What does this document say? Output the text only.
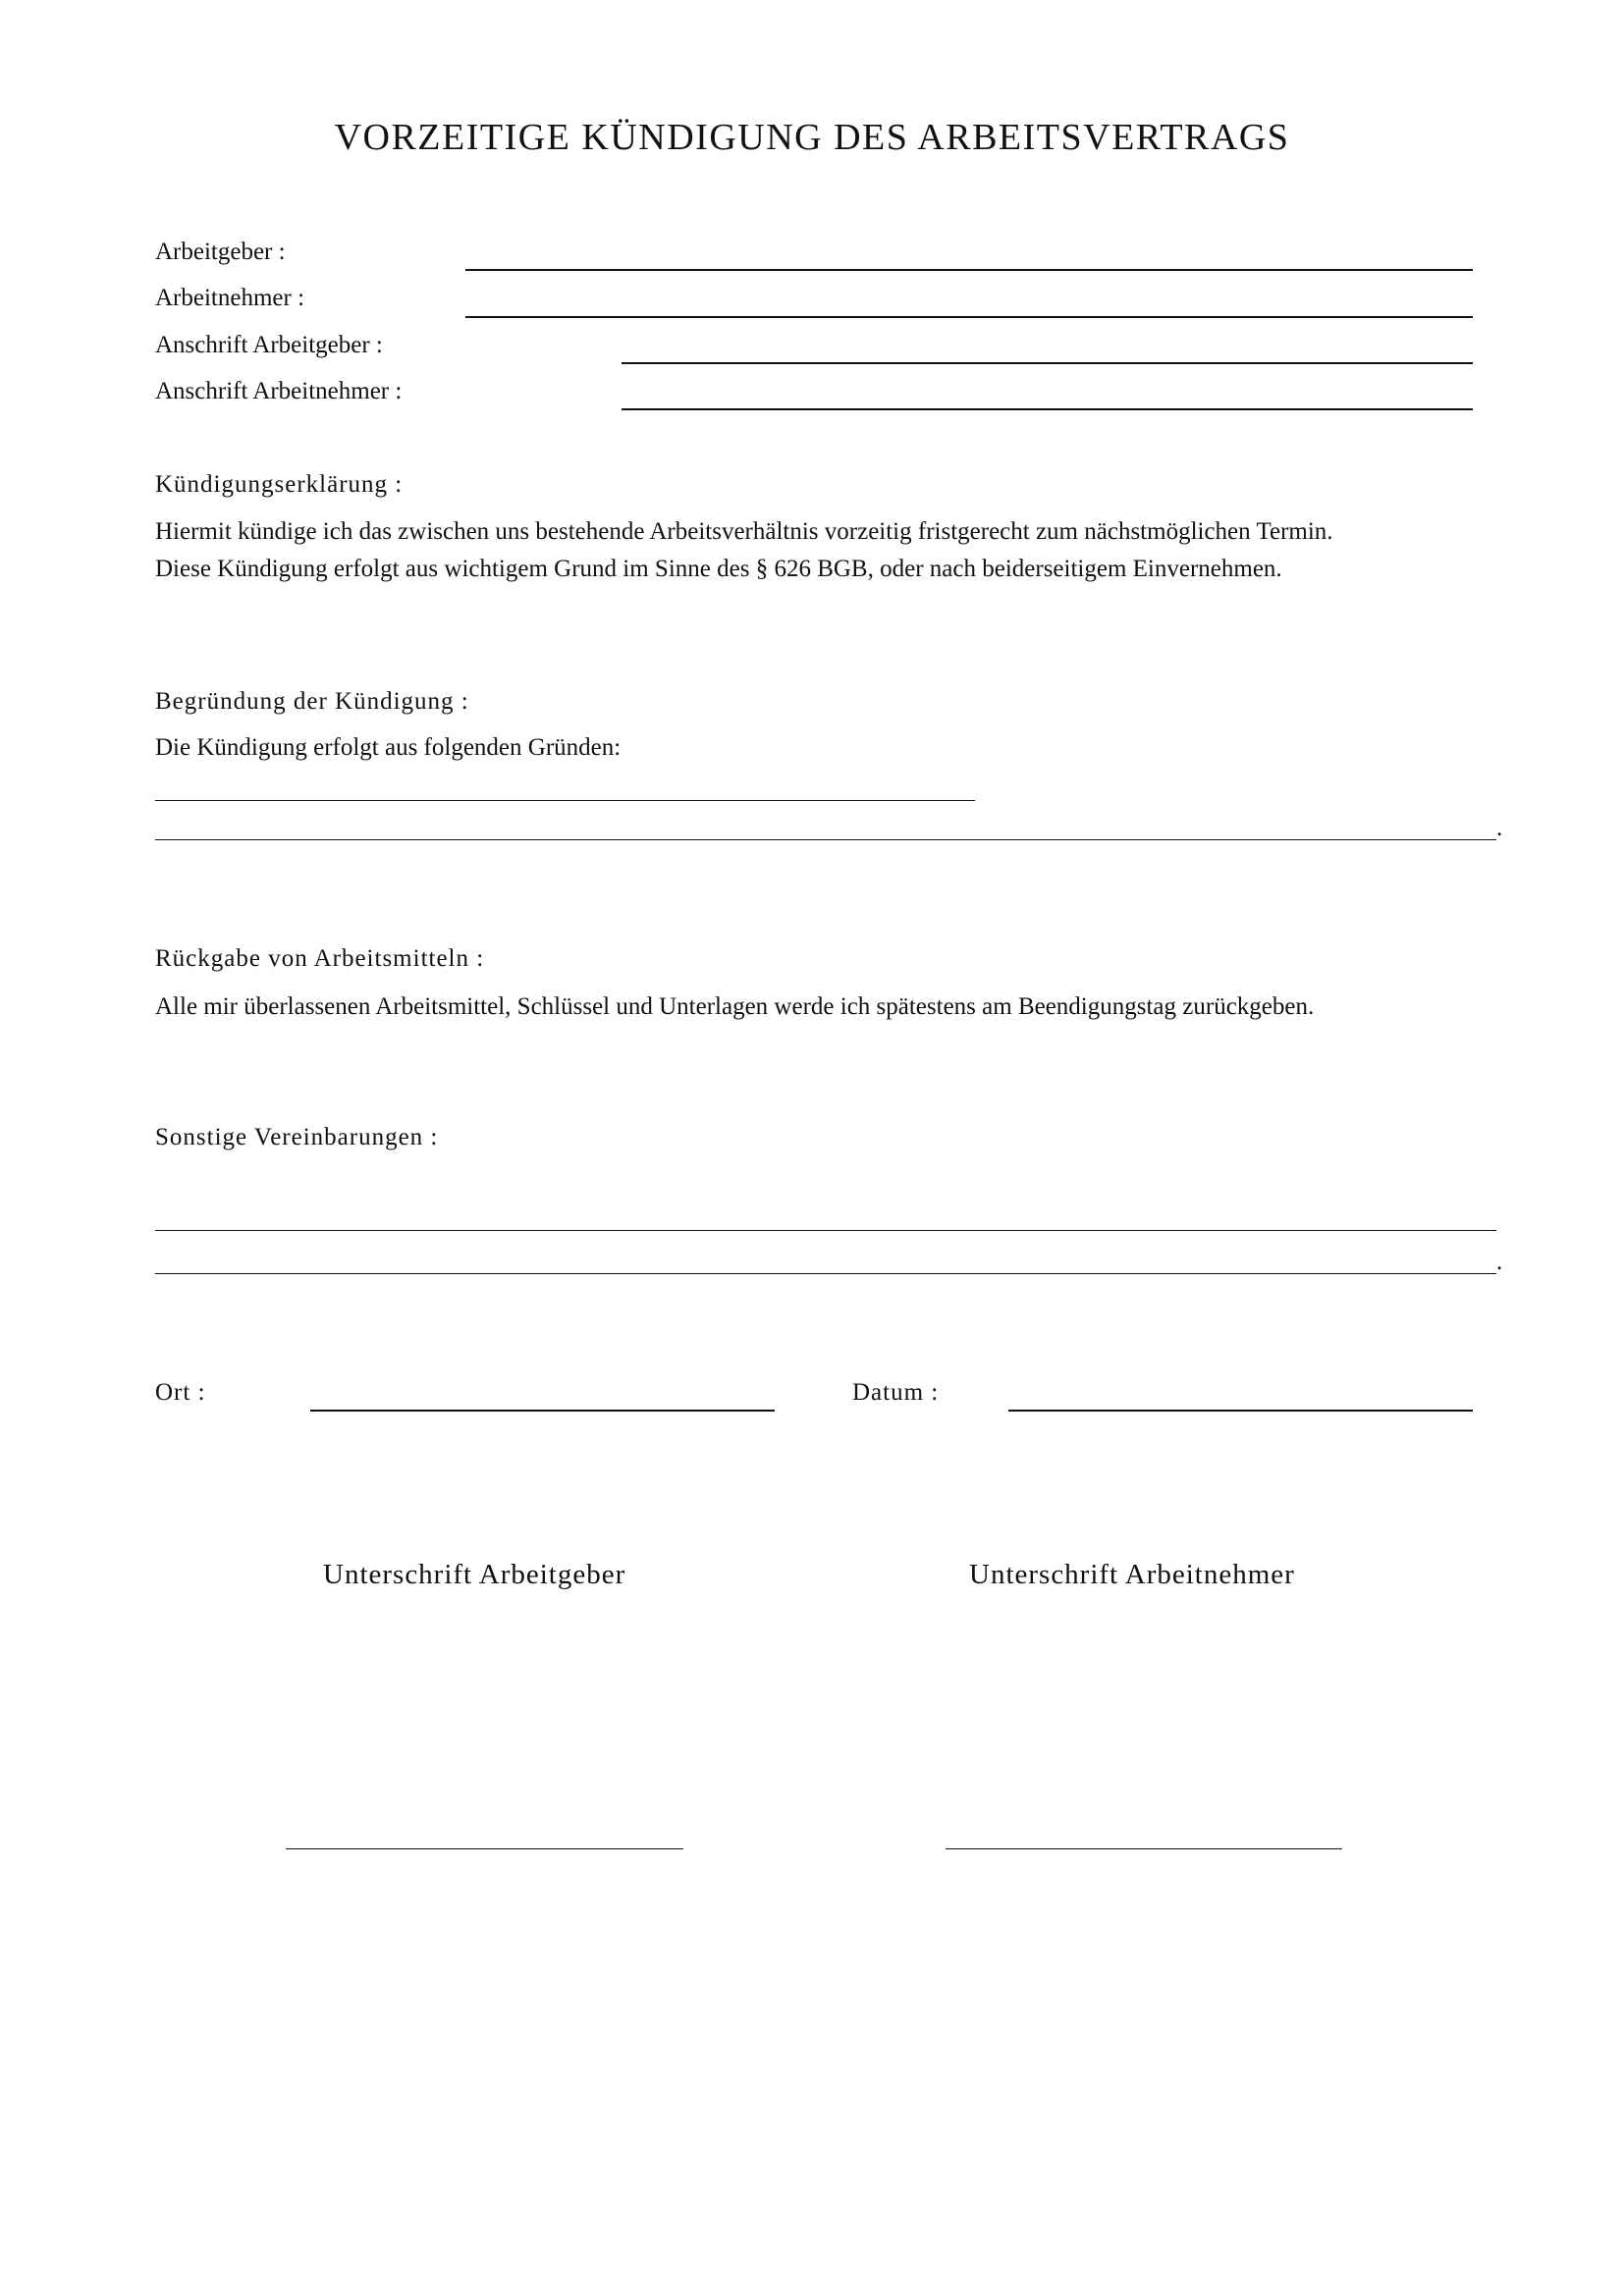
VORZEITIGE KÜNDIGUNG DES ARBEITSVERTRAGS
Arbeitgeber :
Arbeitnehmer :
Anschrift Arbeitgeber :
Anschrift Arbeitnehmer :
Kündigungserklärung :
Hiermit kündige ich das zwischen uns bestehende Arbeitsverhältnis vorzeitig fristgerecht zum nächstmöglichen Termin.
Diese Kündigung erfolgt aus wichtigem Grund im Sinne des § 626 BGB, oder nach beiderseitigem Einvernehmen.
Begründung der Kündigung :
Die Kündigung erfolgt aus folgenden Gründen:
.
Rückgabe von Arbeitsmitteln :
Alle mir überlassenen Arbeitsmittel, Schlüssel und Unterlagen werde ich spätestens am Beendigungstag zurückgeben.
Sonstige Vereinbarungen :
.
Ort :	Datum :
Unterschrift Arbeitgeber	Unterschrift Arbeitnehmer
